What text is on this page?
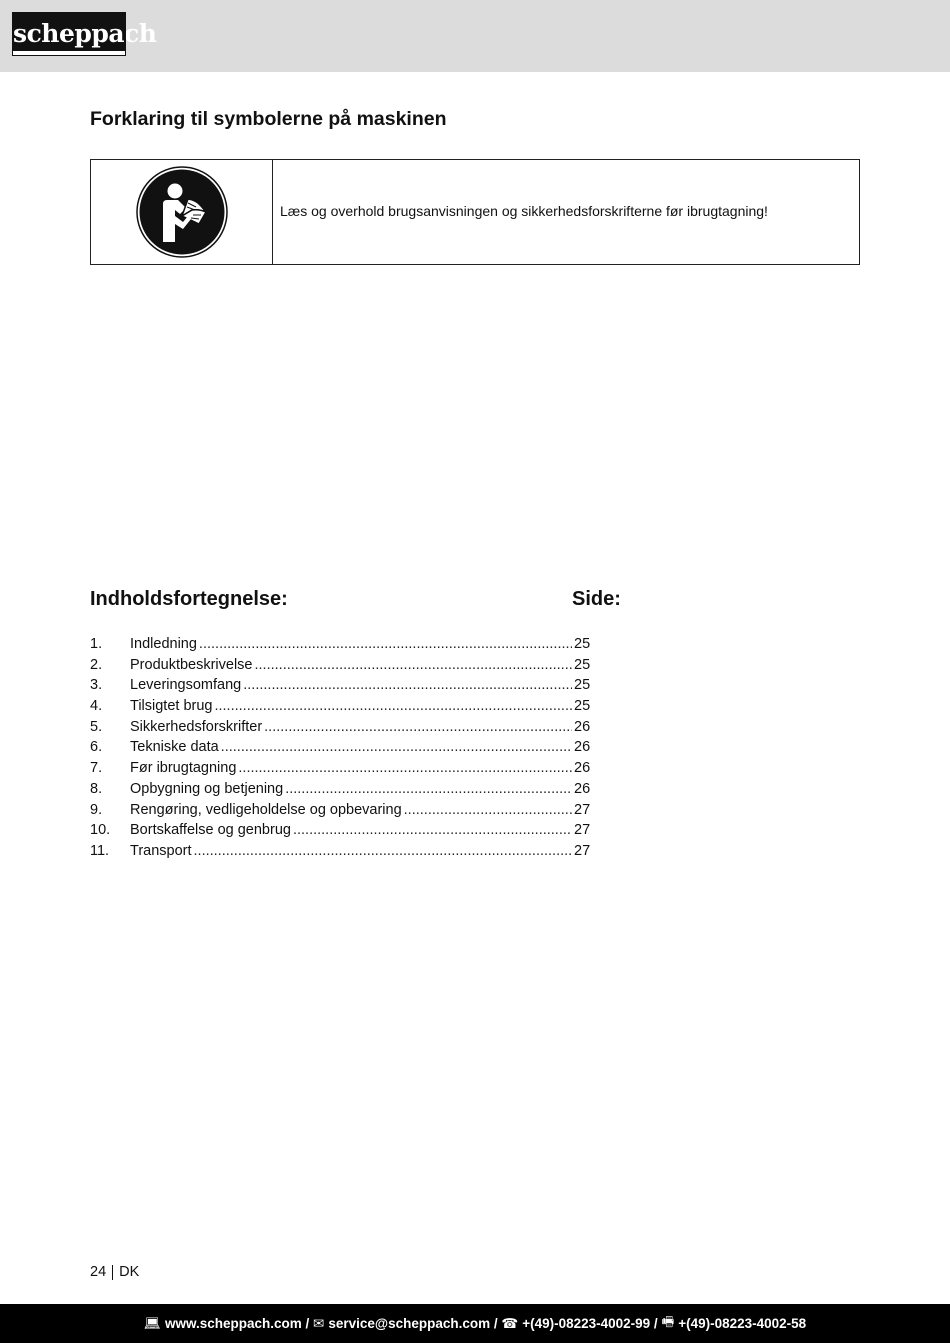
scheppach
Forklaring til symbolerne på maskinen
Læs og overhold brugsanvisningen og sikkerhedsforskrifterne før ibrugtagning!
Indholdsfortegnelse:	Side:
1.	Indledning .....	25
2.	Produktbeskrivelse .....	25
3.	Leveringsomfang .....	25
4.	Tilsigtet brug .....	25
5.	Sikkerhedsforskrifter .....	26
6.	Tekniske data .....	26
7.	Før ibrugtagning .....	26
8.	Opbygning og betjening .....	26
9.	Rengøring, vedligeholdelse og opbevaring .....	27
10.	Bortskaffelse og genbrug .....	27
11.	Transport .....	27
24 DK
💻︎ www.scheppach.com / ✉︎ service@scheppach.com / ☎︎ +(49)-08223-4002-99 / 🖷︎ +(49)-08223-4002-58
